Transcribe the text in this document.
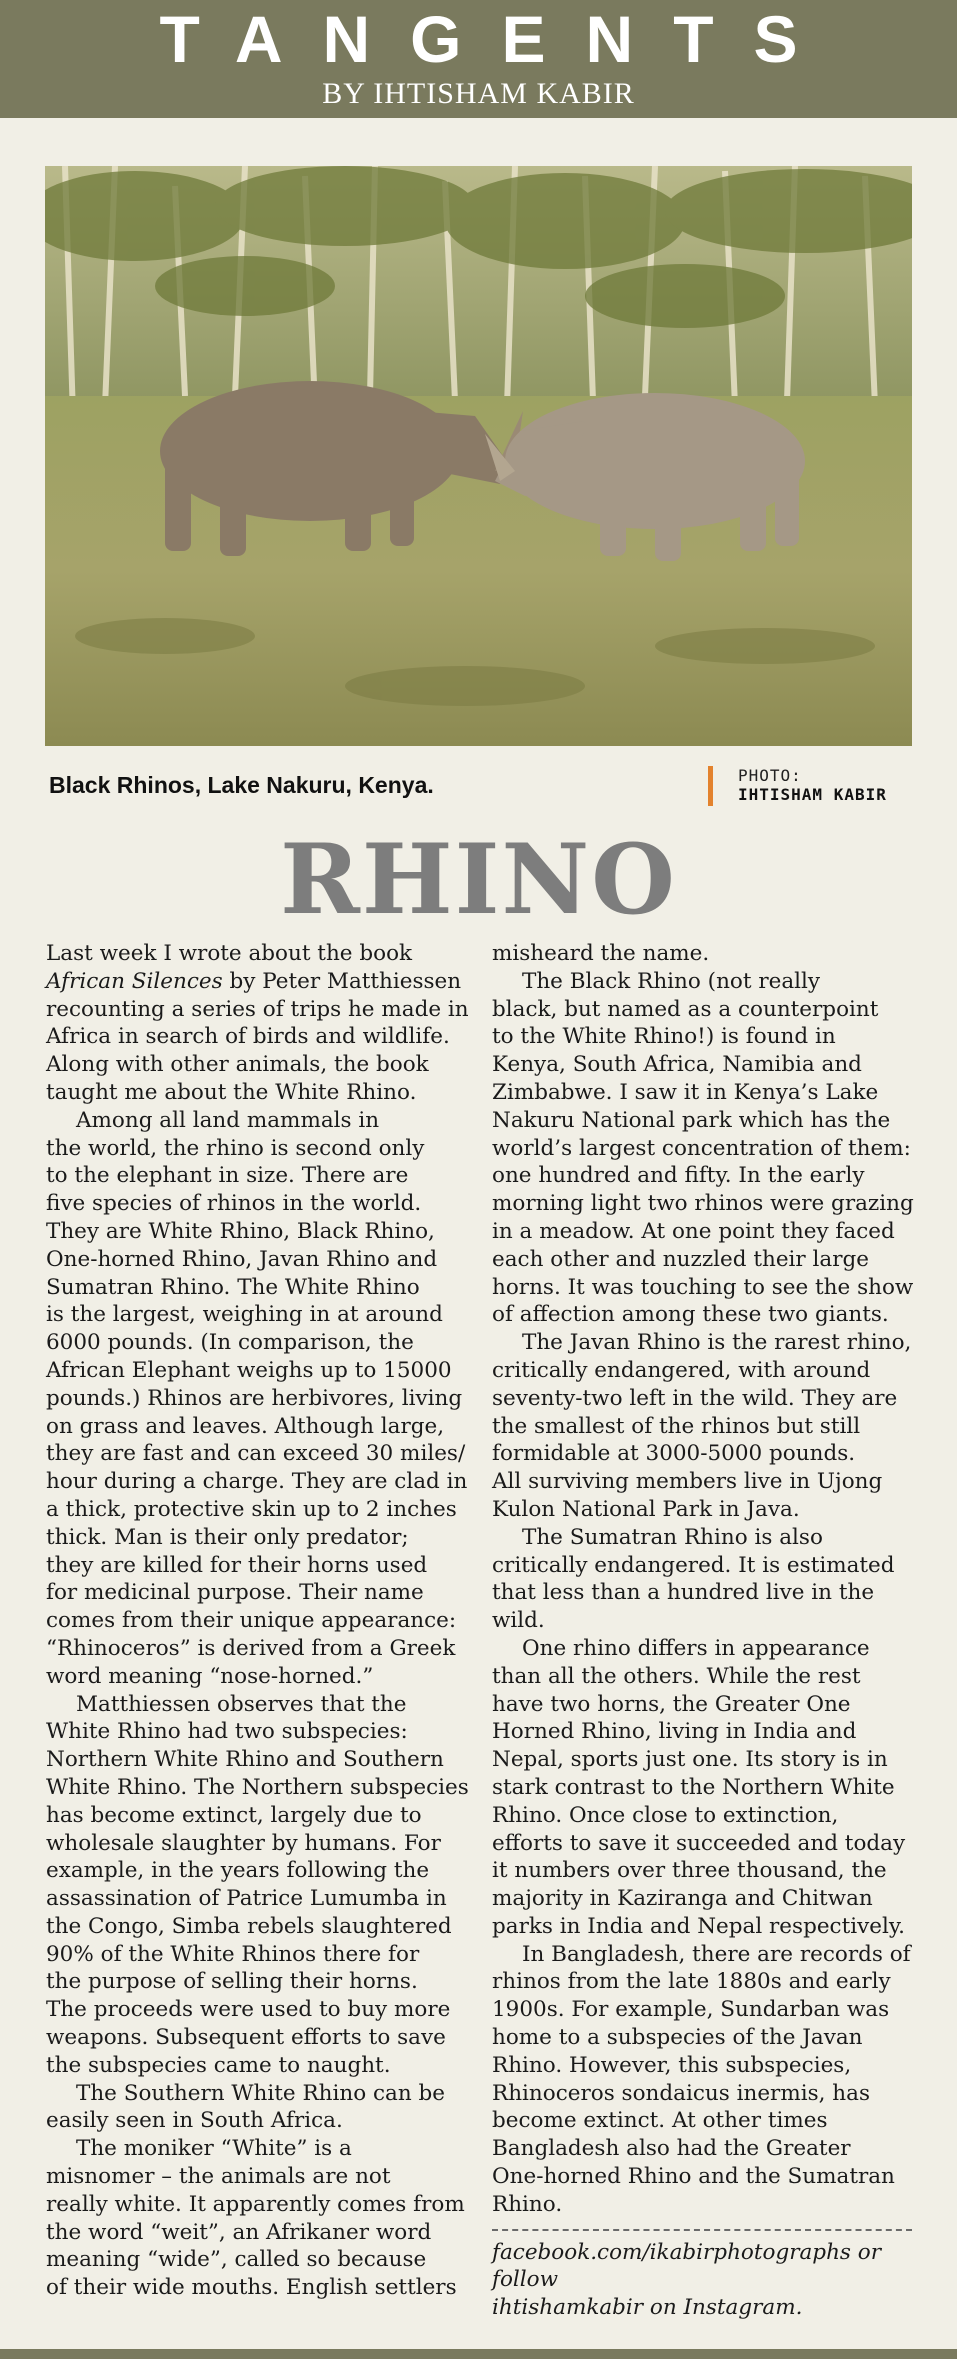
TANGENTS
BY IHTISHAM KABIR
Black Rhinos, Lake Nakuru, Kenya.	PHOTO:
IHTISHAM KABIR
RHINO

Last week I wrote about the book
African Silences by Peter Matthiessen
recounting a series of trips he made in
Africa in search of birds and wildlife.
Along with other animals, the book
taught me about the White Rhino.

Among all land mammals in
the world, the rhino is second only
to the elephant in size. There are
five species of rhinos in the world.
They are White Rhino, Black Rhino,
One-horned Rhino, Javan Rhino and
Sumatran Rhino. The White Rhino
is the largest, weighing in at around
6000 pounds. (In comparison, the
African Elephant weighs up to 15000
pounds.) Rhinos are herbivores, living
on grass and leaves. Although large,
they are fast and can exceed 30 miles/
hour during a charge. They are clad in
a thick, protective skin up to 2 inches
thick. Man is their only predator;
they are killed for their horns used
for medicinal purpose. Their name
comes from their unique appearance:
“Rhinoceros” is derived from a Greek
word meaning “nose-horned.”

Matthiessen observes that the
White Rhino had two subspecies:
Northern White Rhino and Southern
White Rhino. The Northern subspecies
has become extinct, largely due to
wholesale slaughter by humans. For
example, in the years following the
assassination of Patrice Lumumba in
the Congo, Simba rebels slaughtered
90% of the White Rhinos there for
the purpose of selling their horns.
The proceeds were used to buy more
weapons. Subsequent efforts to save
the subspecies came to naught.

The Southern White Rhino can be
easily seen in South Africa.

The moniker “White” is a
misnomer – the animals are not
really white. It apparently comes from
the word “weit”, an Afrikaner word
meaning “wide”, called so because
of their wide mouths. English settlers

misheard the name.

The Black Rhino (not really
black, but named as a counterpoint
to the White Rhino!) is found in
Kenya, South Africa, Namibia and
Zimbabwe. I saw it in Kenya’s Lake
Nakuru National park which has the
world’s largest concentration of them:
one hundred and fifty. In the early
morning light two rhinos were grazing
in a meadow. At one point they faced
each other and nuzzled their large
horns. It was touching to see the show
of affection among these two giants.

The Javan Rhino is the rarest rhino,
critically endangered, with around
seventy-two left in the wild. They are
the smallest of the rhinos but still
formidable at 3000-5000 pounds.
All surviving members live in Ujong
Kulon National Park in Java.

The Sumatran Rhino is also
critically endangered. It is estimated
that less than a hundred live in the
wild.

One rhino differs in appearance
than all the others. While the rest
have two horns, the Greater One
Horned Rhino, living in India and
Nepal, sports just one. Its story is in
stark contrast to the Northern White
Rhino. Once close to extinction,
efforts to save it succeeded and today
it numbers over three thousand, the
majority in Kaziranga and Chitwan
parks in India and Nepal respectively.

In Bangladesh, there are records of
rhinos from the late 1880s and early
1900s. For example, Sundarban was
home to a subspecies of the Javan
Rhino. However, this subspecies,
Rhinoceros sondaicus inermis, has
become extinct. At other times
Bangladesh also had the Greater
One-horned Rhino and the Sumatran
Rhino.

facebook.com/ikabirphotographs or follow
ihtishamkabir on Instagram.
